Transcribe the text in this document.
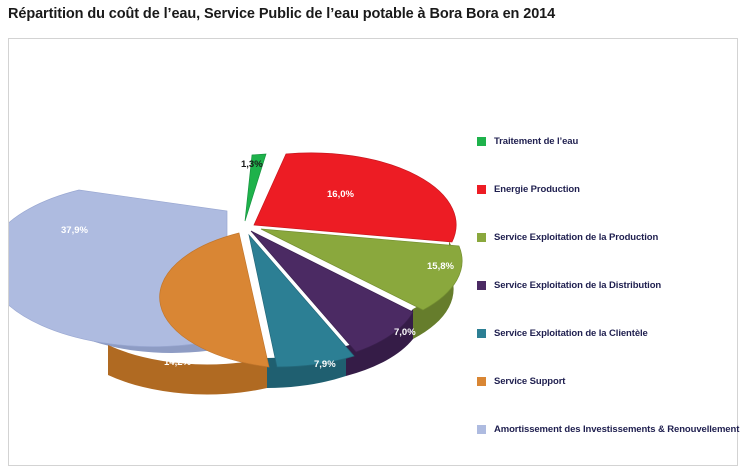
Répartition du coût de l’eau, Service Public de l’eau potable à Bora Bora en 2014
1,3%
16,0%
15,8%
7,0%
7,9%
14,2%
37,9%
Traitement de l’eau
Energie Production
Service Exploitation de la Production
Service Exploitation de la Distribution
Service Exploitation de la Clientèle
Service Support
Amortissement des Investissements & Renouvellement
